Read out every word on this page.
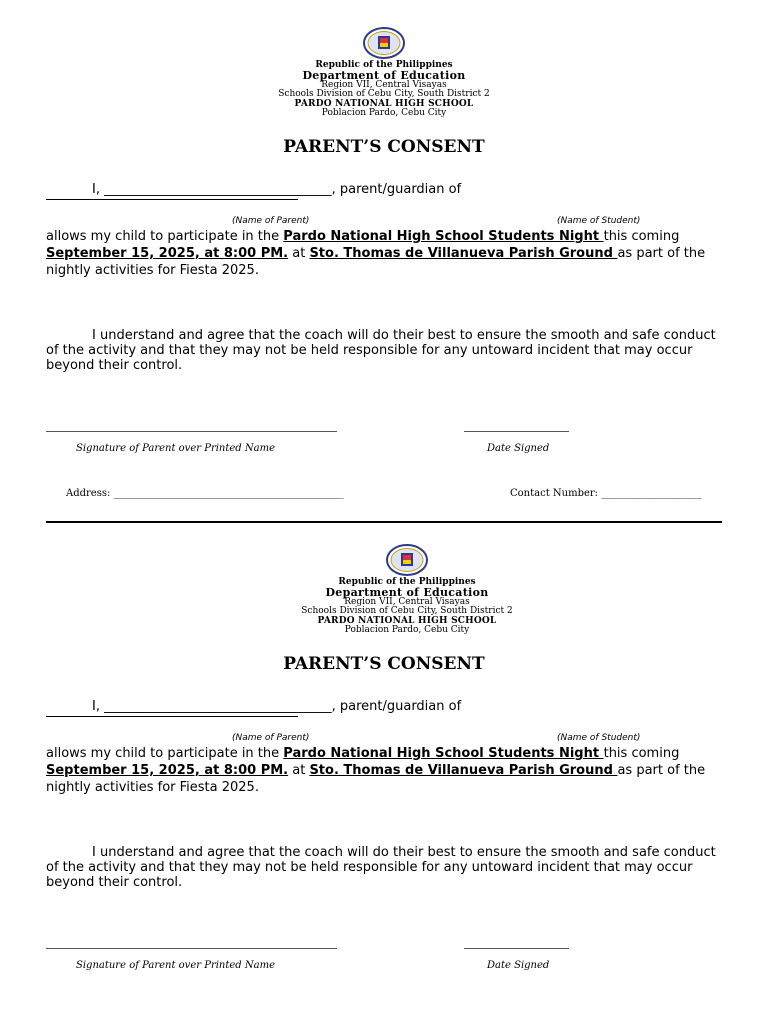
Republic of the Philippines
Department of Education
Region VII, Central Visayas
Schools Division of Cebu City, South District 2
PARDO NATIONAL HIGH SCHOOL
Poblacion Pardo, Cebu City
PARENT’S CONSENT
I, ___________________________________, parent/guardian of
(Name of Parent)	(Name of Student)
allows my child to participate in the Pardo National High School Students Night this coming
September 15, 2025, at 8:00 PM. at Sto. Thomas de Villanueva Parish Ground as part of the nightly activities for Fiesta 2025.
I understand and agree that the coach will do their best to ensure the smooth and safe conduct of the activity and that they may not be held responsible for any untoward incident that may occur beyond their control.
Signature of Parent over Printed Name	Date Signed
Address: ______________________________________________	Contact Number: ____________________
Republic of the Philippines
Department of Education
Region VII, Central Visayas
Schools Division of Cebu City, South District 2
PARDO NATIONAL HIGH SCHOOL
Poblacion Pardo, Cebu City
PARENT’S CONSENT
I, ___________________________________, parent/guardian of
(Name of Parent)	(Name of Student)
allows my child to participate in the Pardo National High School Students Night this coming
September 15, 2025, at 8:00 PM. at Sto. Thomas de Villanueva Parish Ground as part of the nightly activities for Fiesta 2025.
I understand and agree that the coach will do their best to ensure the smooth and safe conduct of the activity and that they may not be held responsible for any untoward incident that may occur beyond their control.
Signature of Parent over Printed Name	Date Signed
